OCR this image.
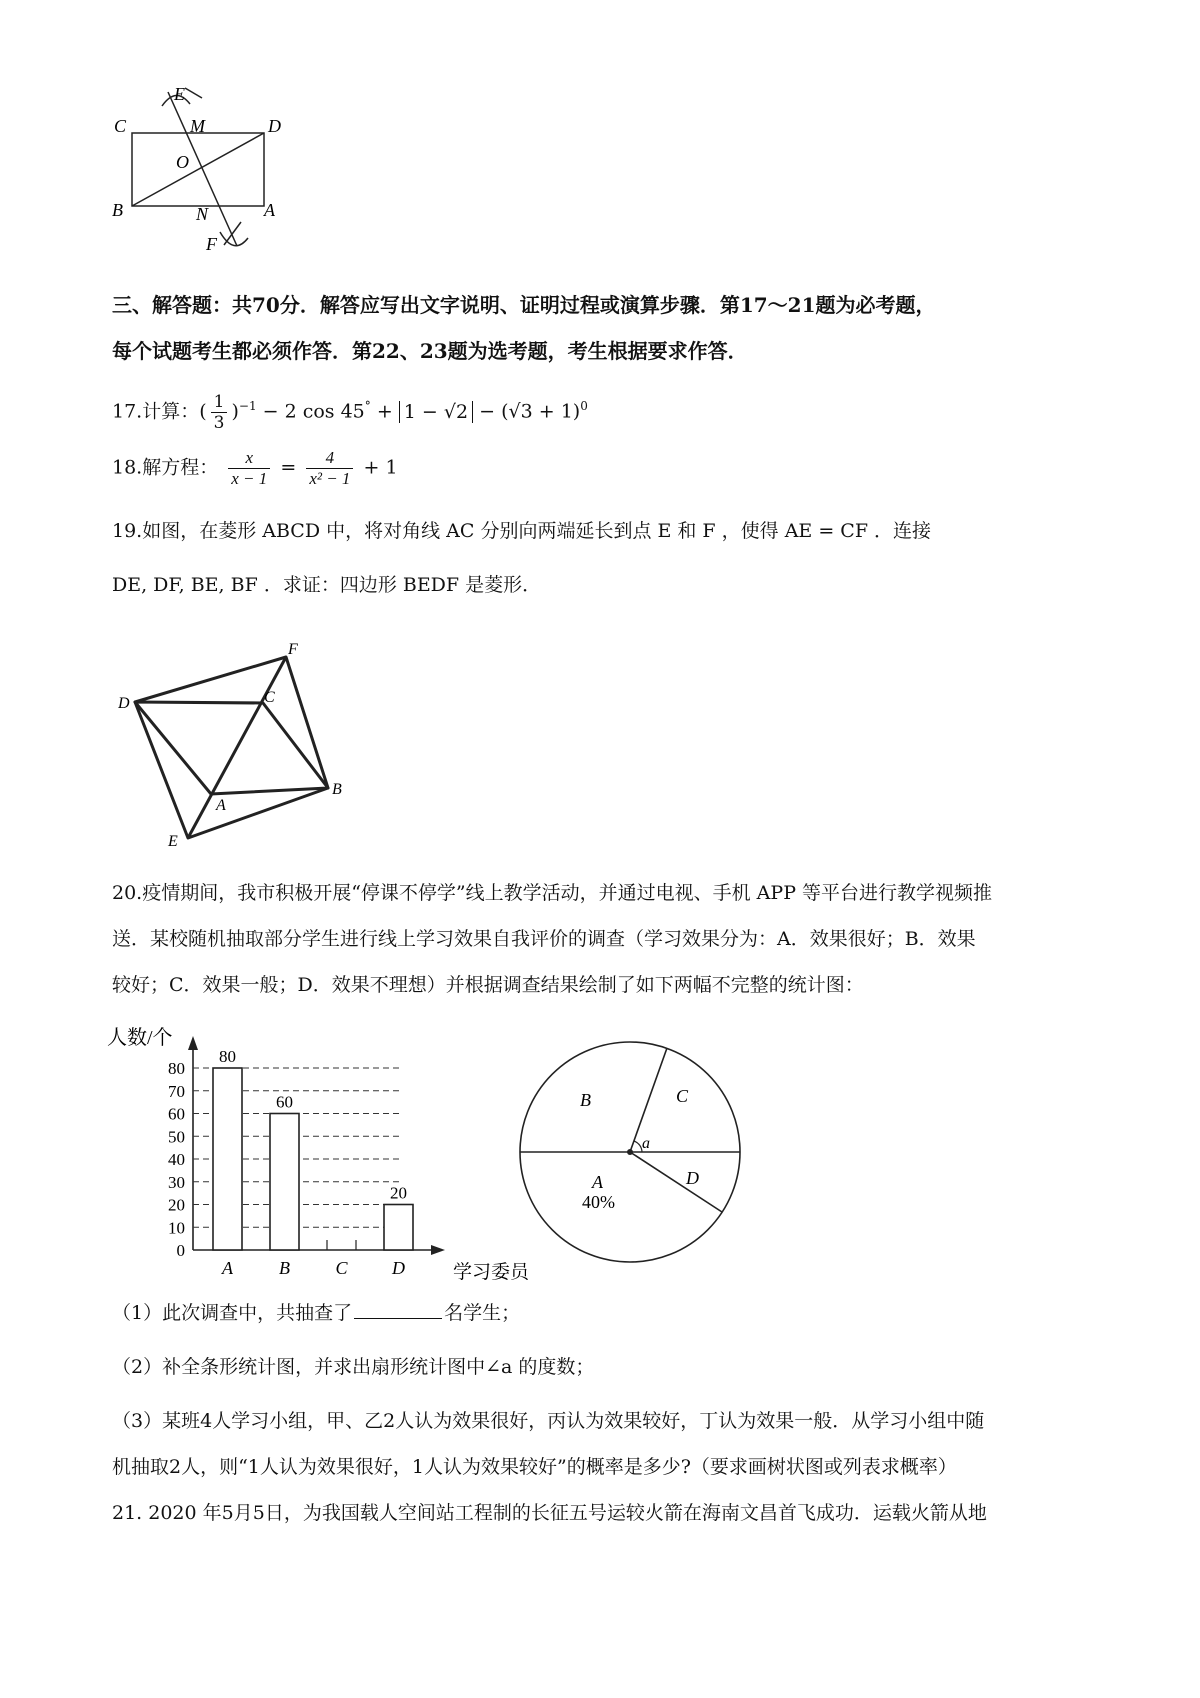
C	M	D
E
O
B	N	A
F
三、解答题：共70分．解答应写出文字说明、证明过程或演算步骤．第17～21题为必考题，
每个试题考生都必须作答．第22、23题为选考题，考生根据要求作答．
17.计算：( $\frac{1}{3} )^{-1} - 2$ $\cos 45^\circ + 1 - √2 - (√3 + 1)^0$
18.解方程： $\frac{x}{x - 1} = \frac{4}{\text{x² − 1}} + 1$
19.如图，在菱形 ABCD 中，将对角线 AC 分别向两端延长到点 E 和 F ，使得 AE = CF ．连接
DE, DF, BE, BF ．求证：四边形 BEDF 是菱形．
D
F
C
B
A
E
20.疫情期间，我市积极开展“停课不停学”线上教学活动，并通过电视、手机 APP 等平台进行教学视频推
送．某校随机抽取部分学生进行线上学习效果自我评价的调查（学习效果分为：A．效果很好；B．效果
较好；C．效果一般；D．效果不理想）并根据调查结果绘制了如下两幅不完整的统计图：
人数/个
学习委员
0
10
20
30
40
50
60
70
80
80
A
60
B	C
20
D
B	C
D
A
40%
a
（1）此次调查中，共抽查了	名学生；
（2）补全条形统计图，并求出扇形统计图中∠a 的度数；
（3）某班4人学习小组，甲、乙2人认为效果很好，丙认为效果较好，丁认为效果一般．从学习小组中随
机抽取2人，则“1人认为效果很好，1人认为效果较好”的概率是多少?（要求画树状图或列表求概率）
21. 2020 年5月5日，为我国载人空间站工程制的长征五号运较火箭在海南文昌首飞成功．运载火箭从地
